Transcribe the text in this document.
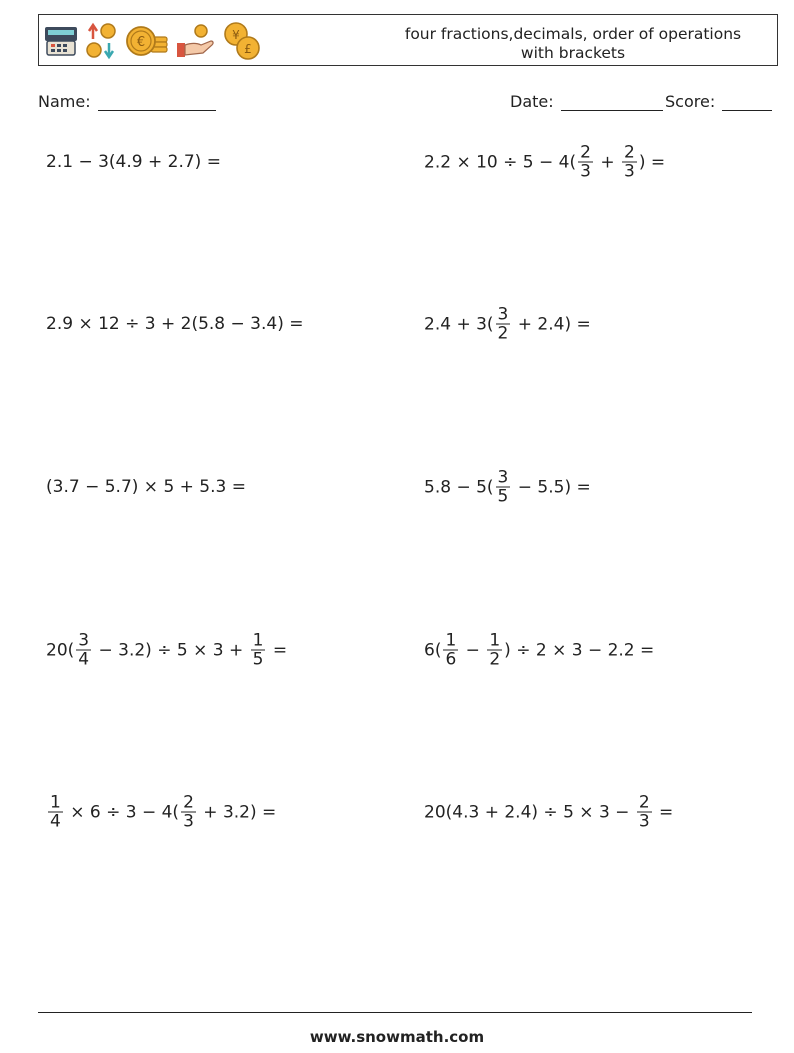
€	¥
£
four fractions,decimals, order of operations
with brackets
Name:	Date:	Score:
2.1 − 3(4.9 + 2.7) =	$2.2 \times 10 \div 5 - 4( \frac{2}{3} + \frac{2}{3}$ ) =
2.9 × 12 ÷ 3 + 2(5.8 − 3.4) =	$2.4 + 3( \frac{3}{2} + 2.4)$ =
(3.7 − 5.7) × 5 + 5.3 =	$5.8 - 5( \frac{3}{5} - 5.5)$ =
$20( \frac{3}{4} - 3.2) \div 5 \times 3 + \frac{1}{5}$ =	$6( \frac{1}{6} - \frac{1}{2}$ ) ÷ 2 × 3 − 2.2 =
$\frac{1}{4} \times 6 \div 3 - 4( \frac{2}{3} + 3.2)$ =	$20(4.3 + 2.4) \div 5 \times 3 - \frac{2}{3}$ =
www.snowmath.com
